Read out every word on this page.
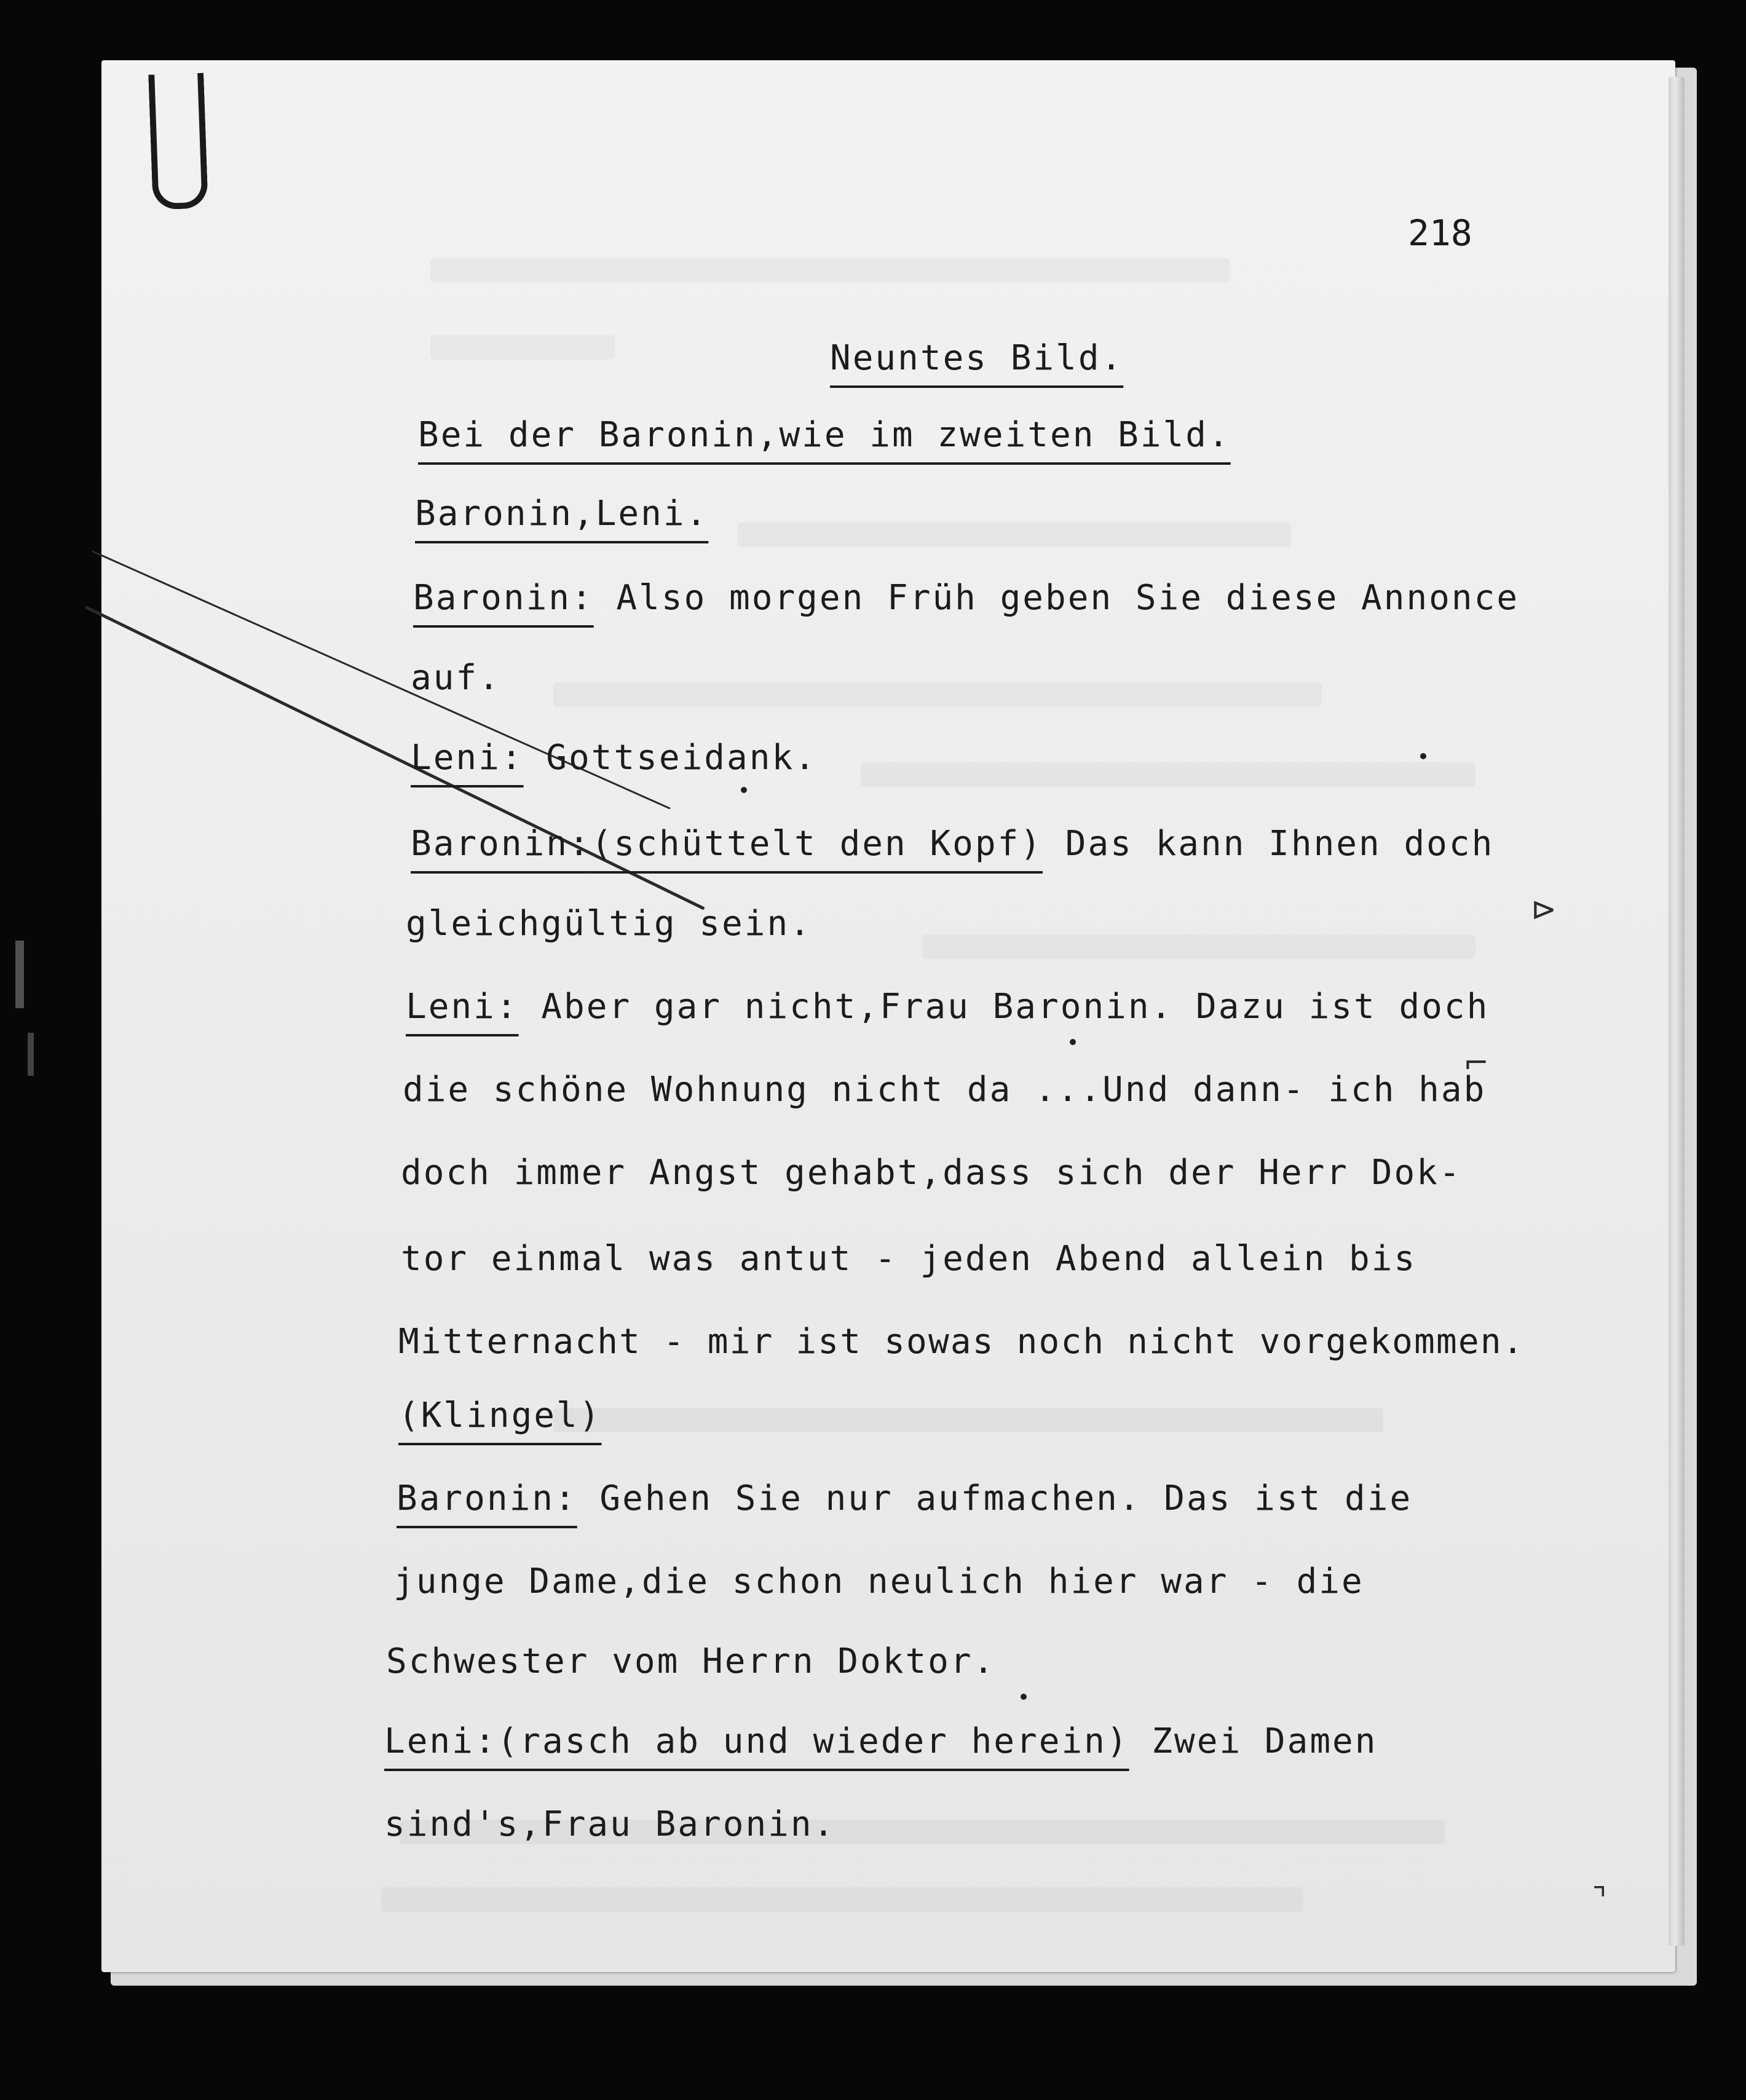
218
Neuntes Bild.
Bei der Baronin,wie im zweiten Bild.
Baronin,Leni.
Baronin: Also morgen Früh geben Sie diese Annonce
auf.
Leni: Gottseidank.
Baronin:(schüttelt den Kopf) Das kann Ihnen doch
gleichgültig sein.
Leni: Aber gar nicht,Frau Baronin. Dazu ist doch
die schöne Wohnung nicht da ...Und dann- ich hab
doch immer Angst gehabt,dass sich der Herr Dok-
tor einmal was antut - jeden Abend allein bis
Mitternacht - mir ist sowas noch nicht vorgekommen.
(Klingel)
Baronin: Gehen Sie nur aufmachen. Das ist die
junge Dame,die schon neulich hier war - die
Schwester vom Herrn Doktor.
Leni:(rasch ab und wieder herein) Zwei Damen
sind's,Frau Baronin.
⊳
⌐
⌝
